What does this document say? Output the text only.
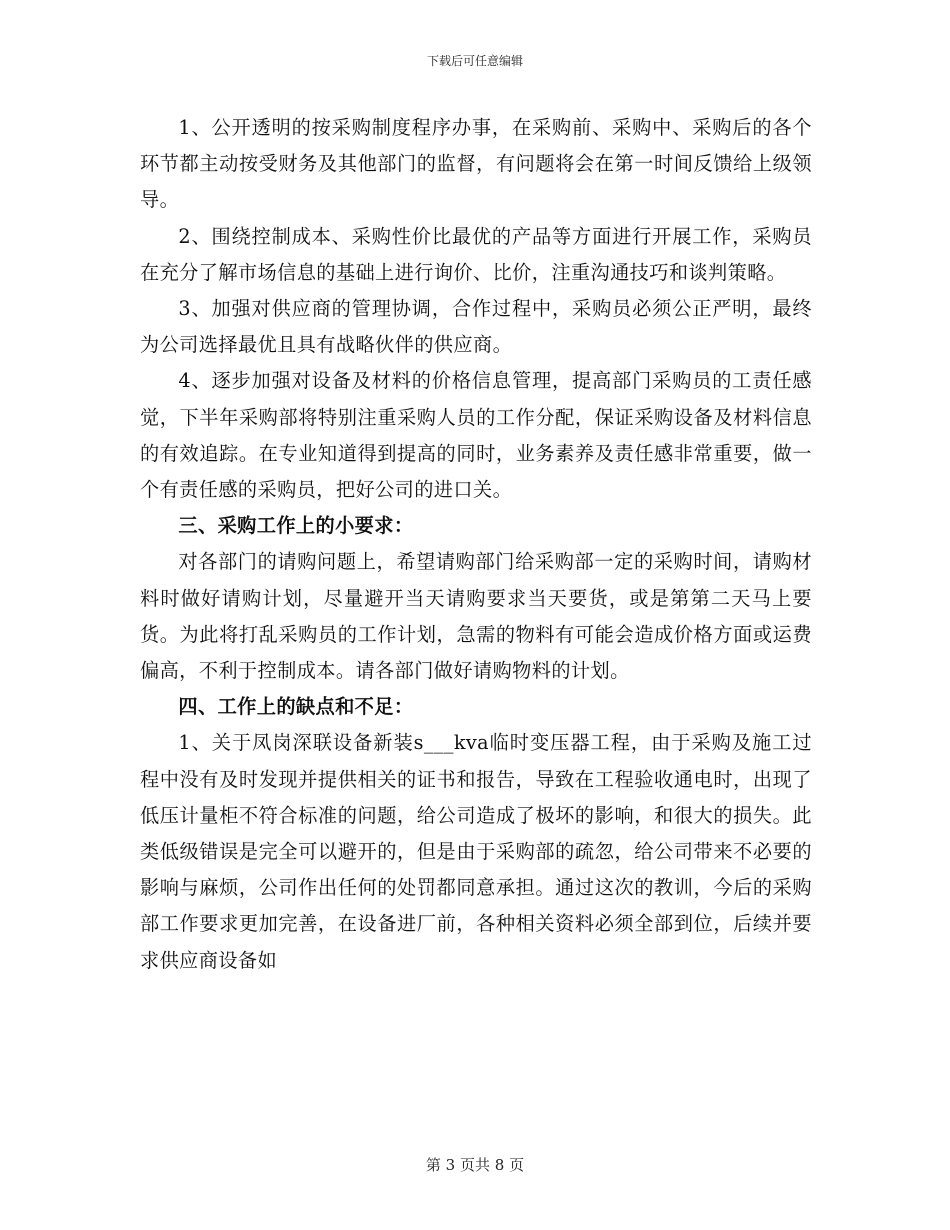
下载后可任意编辑

1、公开透明的按采购制度程序办事，在采购前、采购中、采购后的各个环节都主动按受财务及其他部门的监督，有问题将会在第一时间反馈给上级领导。

2、围绕控制成本、采购性价比最优的产品等方面进行开展工作，采购员在充分了解市场信息的基础上进行询价、比价，注重沟通技巧和谈判策略。

3、加强对供应商的管理协调，合作过程中，采购员必须公正严明，最终为公司选择最优且具有战略伙伴的供应商。

4、逐步加强对设备及材料的价格信息管理，提高部门采购员的工责任感觉，下半年采购部将特别注重采购人员的工作分配，保证采购设备及材料信息的有效追踪。在专业知道得到提高的同时，业务素养及责任感非常重要，做一个有责任感的采购员，把好公司的进口关。

三、采购工作上的小要求：

对各部门的请购问题上，希望请购部门给采购部一定的采购时间，请购材料时做好请购计划，尽量避开当天请购要求当天要货，或是第第二天马上要货。为此将打乱采购员的工作计划，急需的物料有可能会造成价格方面或运费偏高，不利于控制成本。请各部门做好请购物料的计划。

四、工作上的缺点和不足：

1、关于凤岗深联设备新装s___kva临时变压器工程，由于采购及施工过程中没有及时发现并提供相关的证书和报告，导致在工程验收通电时，出现了低压计量柜不符合标准的问题，给公司造成了极坏的影响，和很大的损失。此类低级错误是完全可以避开的，但是由于采购部的疏忽，给公司带来不必要的影响与麻烦，公司作出任何的处罚都同意承担。通过这次的教训，今后的采购部工作要求更加完善，在设备进厂前，各种相关资料必须全部到位，后续并要求供应商设备如

第 3 页共 8 页
